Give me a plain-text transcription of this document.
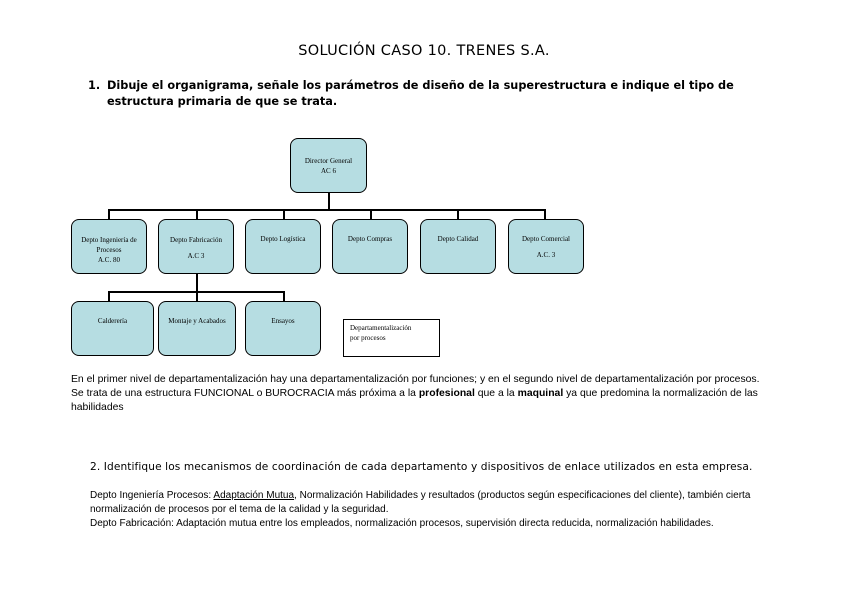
SOLUCIÓN CASO 10. TRENES S.A.
1. Dibuje el organigrama, señale los parámetros de diseño de la superestructura e indique el tipo de estructura primaria de que se trata.
Director General
AC 6
Depto Ingeniería de
Procesos
A.C. 80
Depto Fabricación
A.C 3
Depto Logística	Depto Compras	Depto Calidad	Depto Comercial
A.C. 3
Calderería	Montaje y Acabados	Ensayos
Departamentalización
por procesos
En el primer nivel de departamentalización hay una departamentalización por funciones; y en el segundo nivel de departamentalización por procesos.
Se trata de una estructura FUNCIONAL o BUROCRACIA más próxima a la profesional que a la maquinal ya que predomina la normalización de las habilidades
2. Identifique los mecanismos de coordinación de cada departamento y dispositivos de enlace utilizados en esta empresa.
Depto Ingeniería Procesos: Adaptación Mutua, Normalización Habilidades y resultados (productos según especificaciones del cliente), también cierta normalización de procesos por el tema de la calidad y la seguridad.
Depto Fabricación: Adaptación mutua entre los empleados, normalización procesos, supervisión directa reducida, normalización habilidades.
